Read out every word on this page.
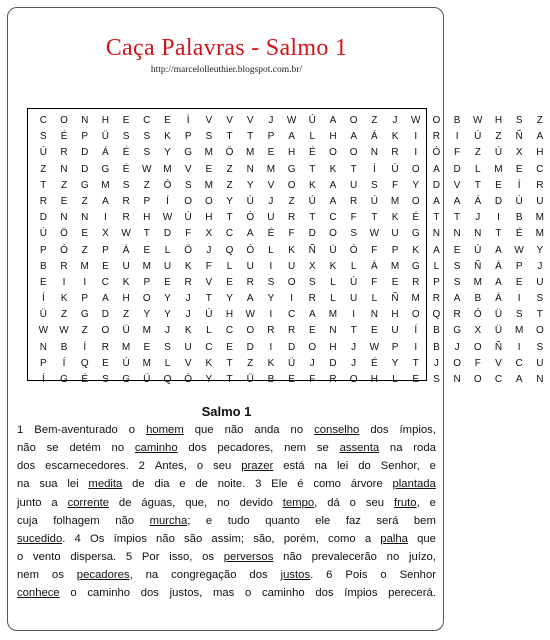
Caça Palavras - Salmo 1
http://marcelolleuthier.blogspot.com.br/
C	O	N	H	E	C	E	Í	V	V	V	J	W	Ú	A	O	Z	J	W	O	B	W	H	S	Z
S	É	P	Ü	S	S	K	P	S	T	T	P	A	L	H	A	Á	K	I	R	I	Ú	Z	Ñ	A
Ú	R	D	Á	É	S	Y	G	M	Ö	M	E	H	É	O	O	N	R	I	Ó	F	Z	Ú	X	H
Z	N	D	G	É	W	M	V	E	Z	N	M	G	T	K	T	Í	Ú	O	A	D	L	M	E	C
T	Z	G	M	S	Z	Ó	S	M	Z	Y	V	O	K	A	U	S	F	Y	D	V	T	E	Í	R
R	E	Z	A	R	P	Í	O	O	Y	Ú	J	Z	Ú	A	R	Ú	M	O	A	A	Á	D	Ú	U
D	N	N	I	R	H	W	Ú	H	T	Ó	U	R	T	C	F	T	K	É	T	T	J	I	B	M
Ú	Ö	E	X	W	T	D	F	X	C	A	É	F	D	O	S	W	U	G	N	N	N	T	É	M
P	Ó	Z	P	Á	E	L	Ö	J	Q	Ó	L	K	Ñ	Ü	Ó	F	P	K	A	E	Ú	A	W	Y
B	R	M	E	U	M	U	K	F	L	U	I	U	X	K	L	Á	M	G	L	S	Ñ	Á	P	J
E	I	I	C	K	P	E	R	V	E	R	S	O	S	L	Ú	F	E	R	P	S	M	A	E	U
Í	K	P	A	H	O	Y	J	T	Y	A	Y	I	R	L	U	L	Ñ	M	R	A	B	Á	I	S
Ü	Z	G	D	Z	Y	Y	J	Ú	H	W	I	C	A	M	I	N	H	O	Q	R	Ó	Ü	S	T
W	W	Z	O	Ü	M	J	K	L	C	O	R	R	E	N	T	E	U	Í	B	G	X	Ü	M	O
N	B	Í	R	M	E	S	U	C	E	D	I	D	O	H	J	W	P	I	B	J	O	Ñ	I	S
P	Í	Q	E	Ú	M	L	V	K	T	Z	K	Ü	J	D	J	É	Y	T	J	O	F	V	C	U
Í	G	É	S	G	Ü	Q	Ó	Y	T	Ü	B	E	F	R	O	H	L	E	S	N	O	C	A	N
Salmo 1
1 Bem-aventurado o homem que não anda no conselho dos ímpios,
não se detém no caminho dos pecadores, nem se assenta na roda
dos escarnecedores. 2 Antes, o seu prazer está na lei do Senhor, e
na sua lei medita de dia e de noite. 3 Ele é como árvore plantada
junto a corrente de águas, que, no devido tempo, dá o seu fruto, e
cuja folhagem não murcha; e tudo quanto ele faz será bem
sucedido. 4 Os ímpios não são assim; são, porém, como a palha que
o vento dispersa. 5 Por isso, os perversos não prevalecerão no juízo,
nem os pecadores, na congregação dos justos. 6 Pois o Senhor
conhece o caminho dos justos, mas o caminho dos ímpios perecerá.
